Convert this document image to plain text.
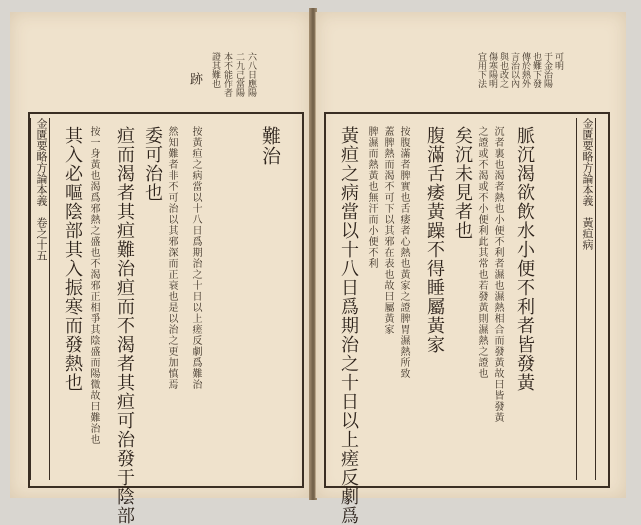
本不能作者 二九己當陽 六八日應陽
證其難也
跡
金匱要略方論本義　卷之十五 其入必嘔陰部其入振寒而發熱也 按一身黃也渴爲邪熱之盛也不渴邪正相爭其陰盛而陽微故曰難治也 疸而渴者其疸難治疸而不渴者其疸可治發于陰部 委可治也 然知難者非不可治以其邪深而正衰也是以治之更加慎焉	難治
按黃疸之病當以十八日爲期治之十日以上瘥反劇爲難治
宜用下法 傷寒陽明 與也改之 言治以內 傳於熱外 也難下發 于金治陽 可明
黃疸之病當以十八日爲期治之十日以上瘥反劇爲 脾濕而熱黃也無汗而小便不利 蓋脾熱而渴不可下以其邪在表也故曰屬黃家 按腹滿者脾實也舌痿者心熱也黃家之證脾胃濕熱所致 腹滿舌痿黃躁不得睡屬黃家 矣沉未見者也 之證或不渴或不小便利此其常也若發黃則濕熱之證也 沉者裏也渴者熱也小便不利者濕也濕熱相合而發黃故曰皆發黃 脈沉渴欲飲水小便不利者皆發黃	金匱要略方論本義　黃疸病
